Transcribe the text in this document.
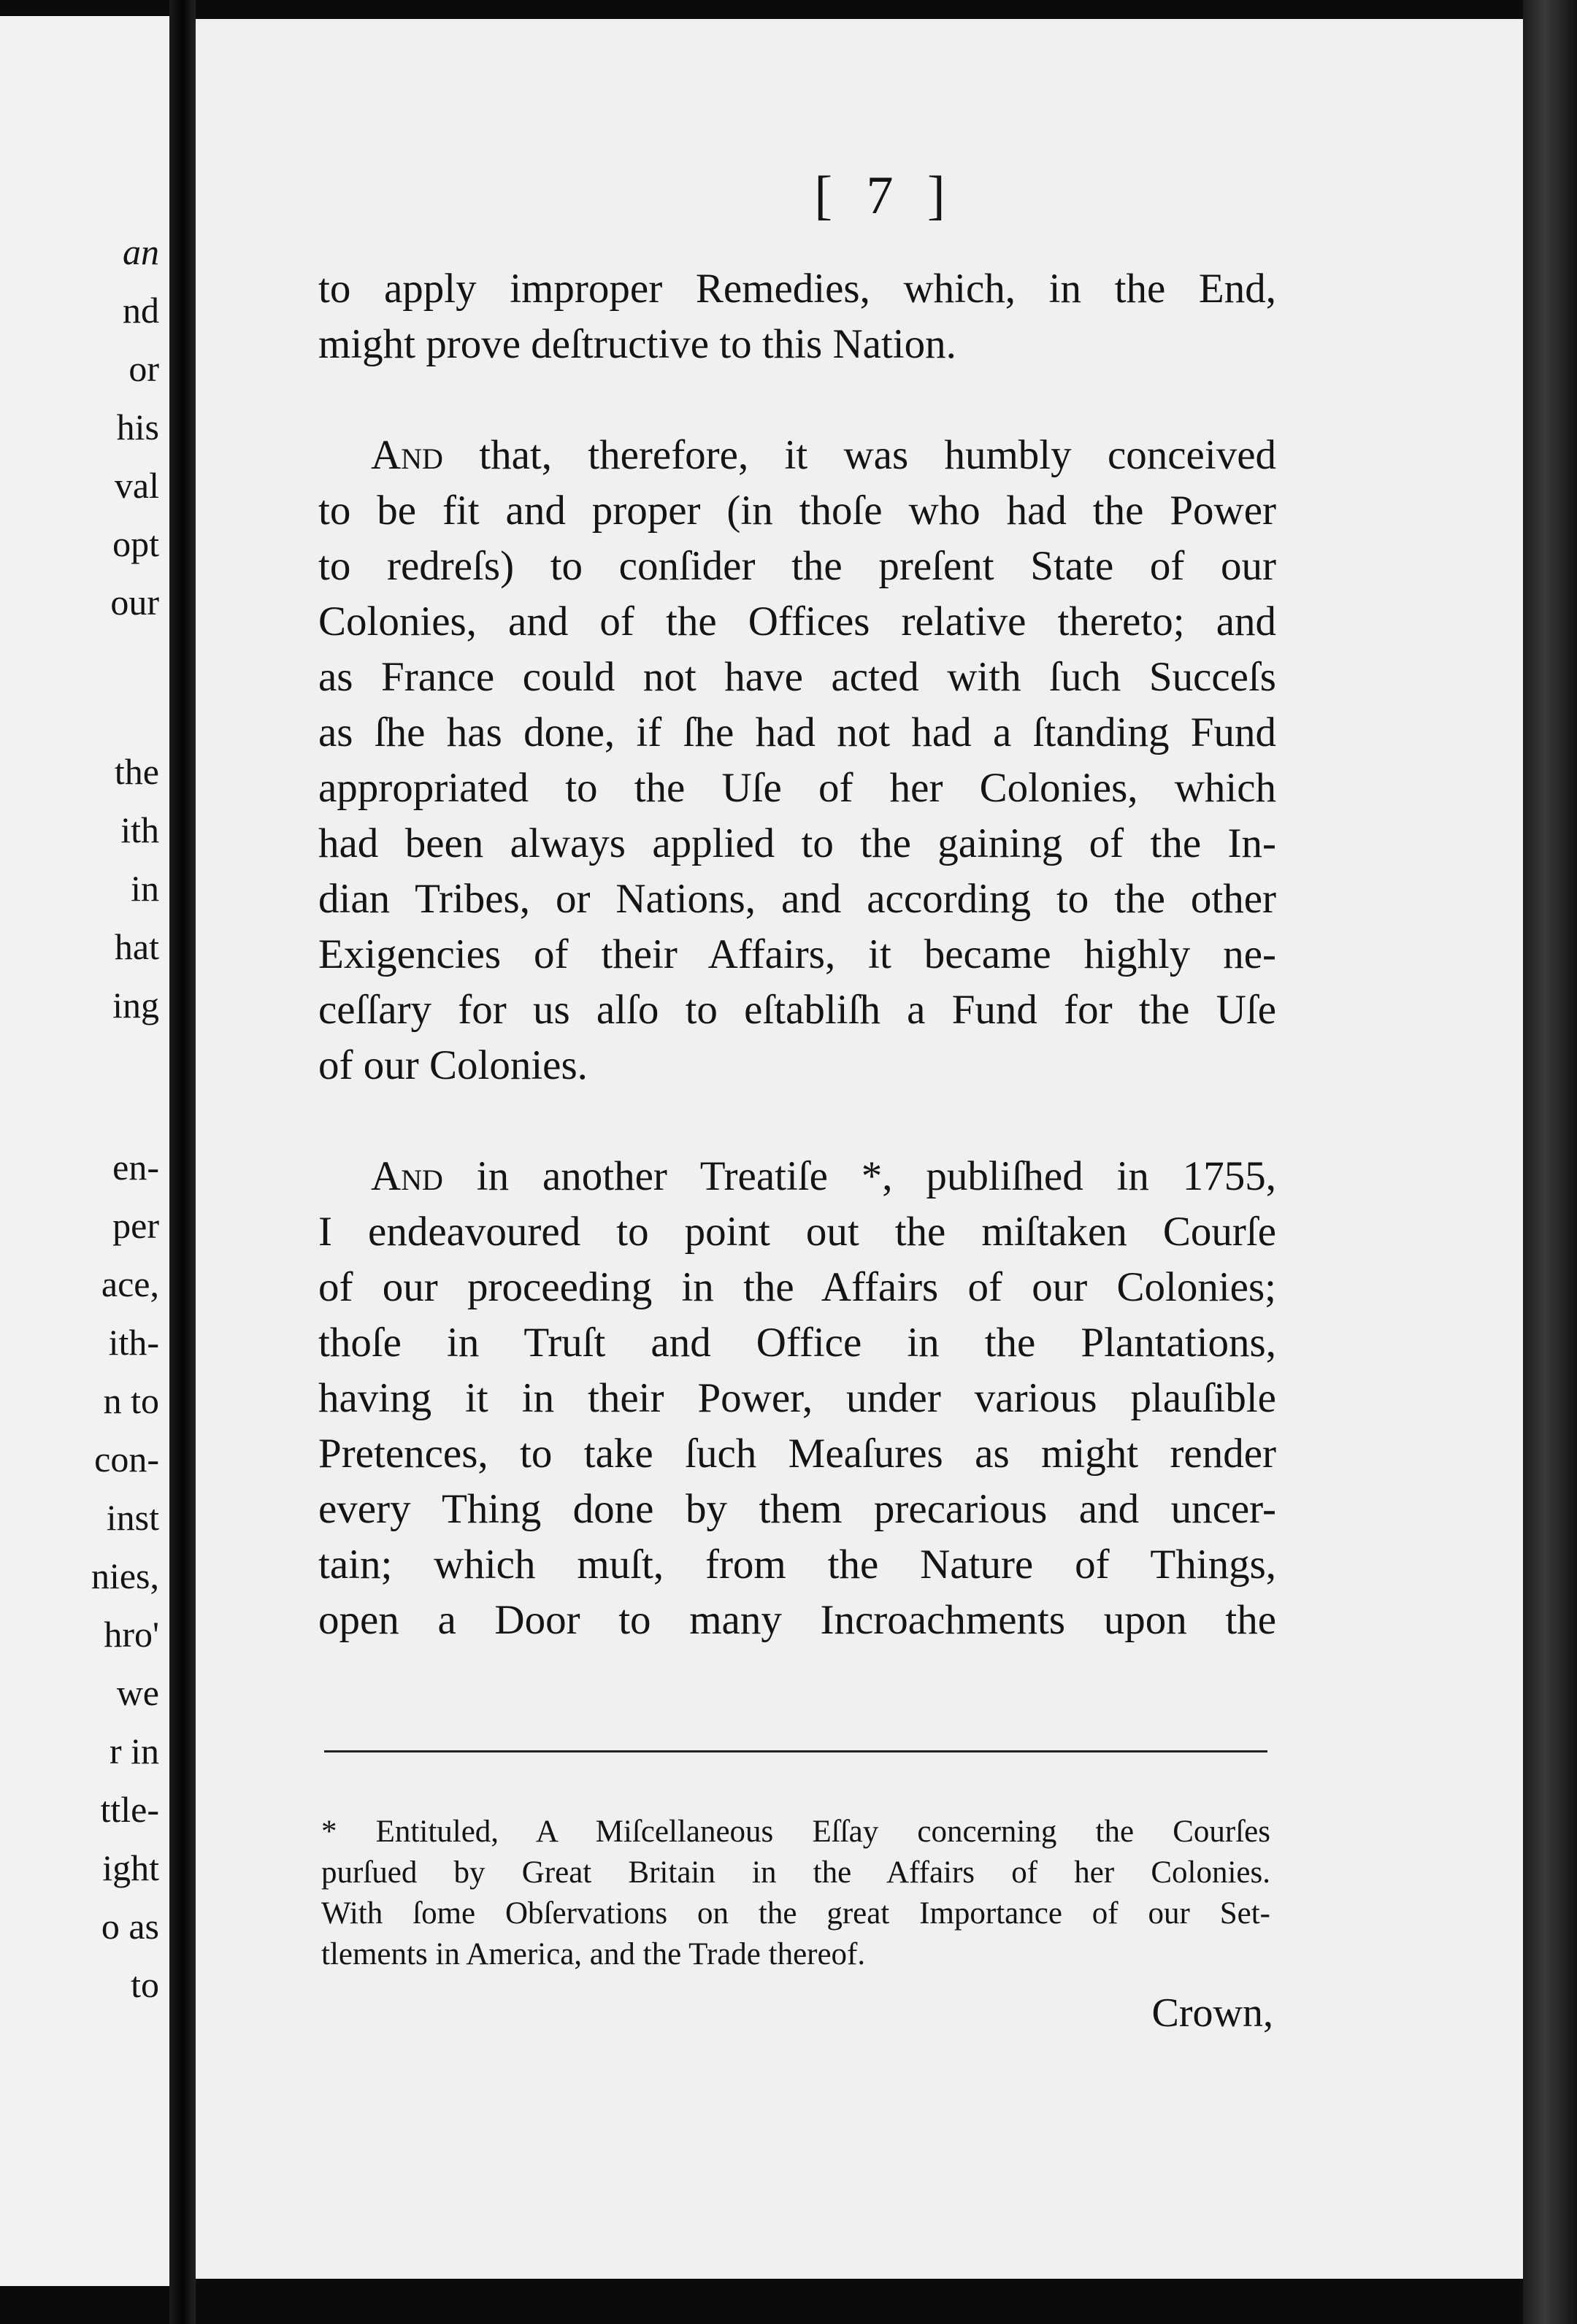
an
nd
or
his
val
opt
our
the
ith
in
hat
ing
en-
per
ace,
ith-
n to
con-
inst
nies,
hro'
we
r in
ttle-
ight
o as
to
[ 7 ]
to apply improper Remedies, which, in the End,
might prove deſtructive to this Nation.
And that, therefore, it was humbly conceived
to be fit and proper (in thoſe who had the Power
to redreſs) to conſider the preſent State of our
Colonies, and of the Offices relative thereto; and
as France could not have acted with ſuch Succeſs
as ſhe has done, if ſhe had not had a ſtanding Fund
appropriated to the Uſe of her Colonies, which
had been always applied to the gaining of the In-
dian Tribes, or Nations, and according to the other
Exigencies of their Affairs, it became highly ne-
ceſſary for us alſo to eſtabliſh a Fund for the Uſe
of our Colonies.
And in another Treatiſe *, publiſhed in 1755,
I endeavoured to point out the miſtaken Courſe
of our proceeding in the Affairs of our Colonies;
thoſe in Truſt and Office in the Plantations,
having it in their Power, under various plauſible
Pretences, to take ſuch Meaſures as might render
every Thing done by them precarious and uncer-
tain; which muſt, from the Nature of Things,
open a Door to many Incroachments upon the
* Entituled, A Miſcellaneous Eſſay concerning the Courſes
purſued by Great Britain in the Affairs of her Colonies.
With ſome Obſervations on the great Importance of our Set-
tlements in America, and the Trade thereof.
Crown,
